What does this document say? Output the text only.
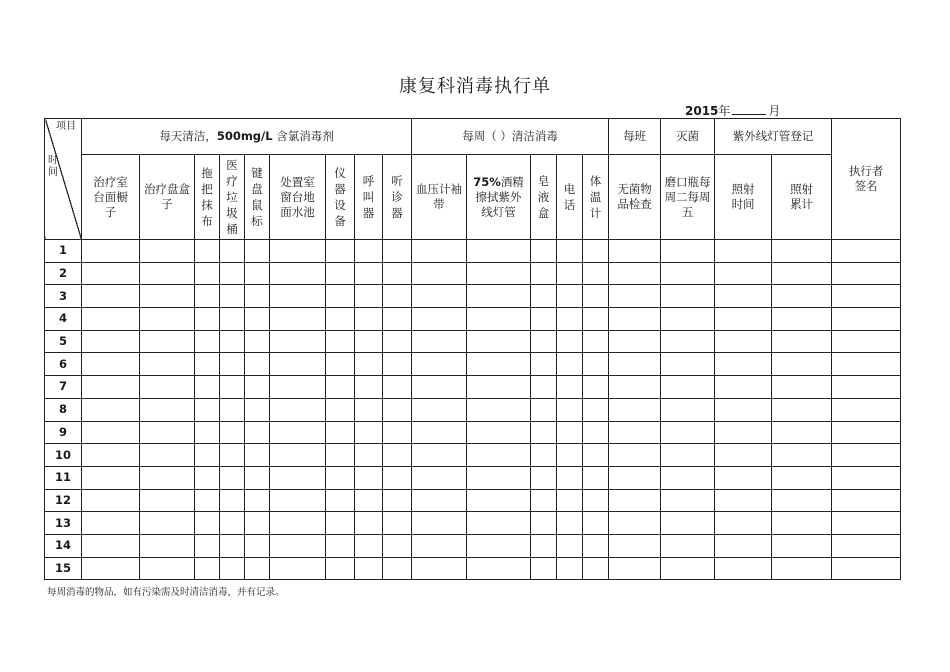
康复科消毒执行单
2015年	月
项目
时间	每天清洁，500mg/L 含氯消毒剂									每周（ ）清洁消毒					每班	灭菌	紫外线灯管登记		执行者签名
	治疗室台面橱子	治疗盘盒子	拖把抹布	医疗垃圾桶	键盘鼠标	处置室窗台地面水池	仪器设备	呼叫器	听诊器	血压计袖带	75%酒精擦拭紫外线灯管	皂液盒	电话	体温计	无菌物品检查	磨口瓶每周二每周五	照射时间	照射累计	
1																			
2																			
3																			
4																			
5																			
6																			
7																			
8																			
9																			
10																			
11																			
12																			
13																			
14																			
15																			
每周消毒的物品，如有污染需及时清洁消毒，并有记录。
